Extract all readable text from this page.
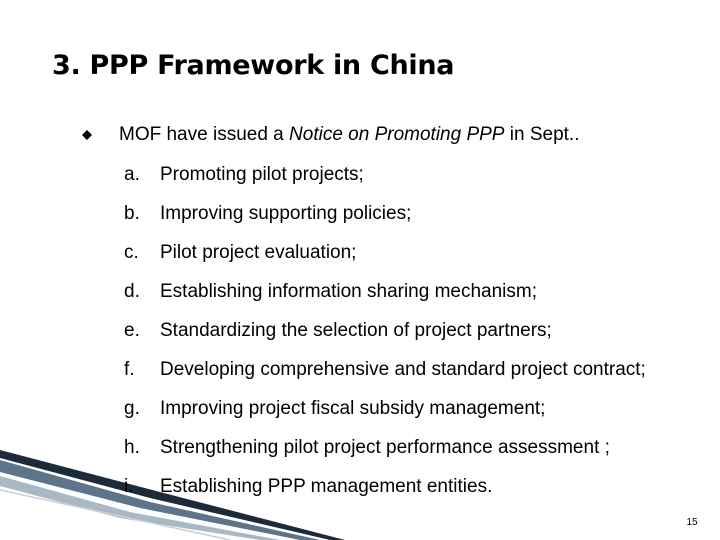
3. PPP Framework in China
MOF have issued a Notice on Promoting PPP in Sept..
a. Promoting pilot projects;
b. Improving supporting policies;
c. Pilot project evaluation;
d. Establishing information sharing mechanism;
e. Standardizing the selection of project partners;
f. Developing comprehensive and standard project contract;
g. Improving project fiscal subsidy management;
h. Strengthening pilot project performance assessment ;
i. Establishing PPP management entities.
15
